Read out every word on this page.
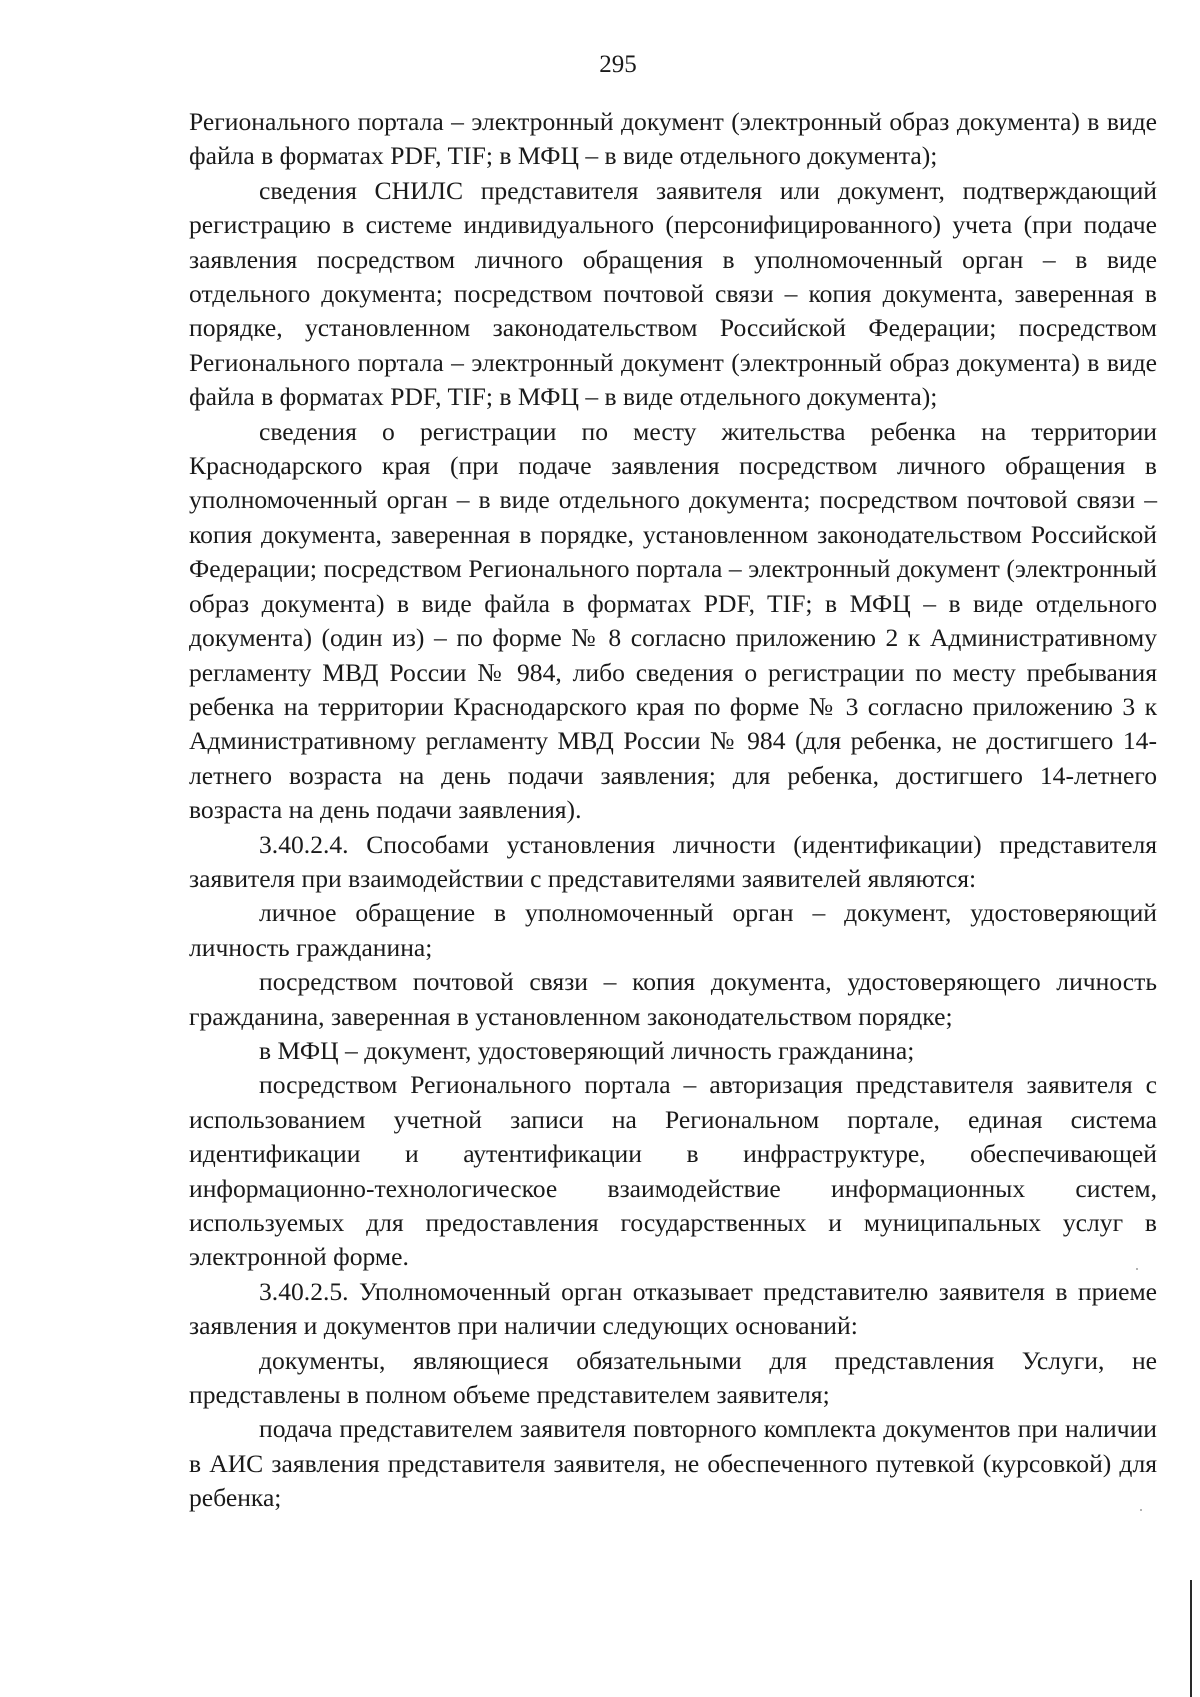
295

Регионального портала – электронный документ (электронный образ документа) в виде файла в форматах PDF, TIF; в МФЦ – в виде отдельного документа);

сведения СНИЛС представителя заявителя или документ, подтверждающий регистрацию в системе индивидуального (персонифицированного) учета (при подаче заявления посредством личного обращения в уполномоченный орган – в виде отдельного документа; посредством почтовой связи – копия документа, заверенная в порядке, установленном законодательством Российской Федерации; посредством Регионального портала – электронный документ (электронный образ документа) в виде файла в форматах PDF, TIF; в МФЦ – в виде отдельного документа);

сведения о регистрации по месту жительства ребенка на территории Краснодарского края (при подаче заявления посредством личного обращения в уполномоченный орган – в виде отдельного документа; посредством почтовой связи – копия документа, заверенная в порядке, установленном законодательством Российской Федерации; посредством Регионального портала – электронный документ (электронный образ документа) в виде файла в форматах PDF, TIF; в МФЦ – в виде отдельного документа) (один из) – по форме № 8 согласно приложению 2 к Административному регламенту МВД России № 984, либо сведения о регистрации по месту пребывания ребенка на территории Краснодарского края по форме № 3 согласно приложению 3 к Административному регламенту МВД России № 984 (для ребенка, не достигшего 14-летнего возраста на день подачи заявления; для ребенка, достигшего 14-летнего возраста на день подачи заявления).

3.40.2.4. Способами установления личности (идентификации) представителя заявителя при взаимодействии с представителями заявителей являются:

личное обращение в уполномоченный орган – документ, удостоверяющий личность гражданина;

посредством почтовой связи – копия документа, удостоверяющего личность гражданина, заверенная в установленном законодательством порядке;

в МФЦ – документ, удостоверяющий личность гражданина;

посредством Регионального портала – авторизация представителя заявителя с использованием учетной записи на Региональном портале, единая система идентификации и аутентификации в инфраструктуре, обеспечивающей информационно-технологическое взаимодействие информационных систем, используемых для предоставления государственных и муниципальных услуг в электронной форме.

3.40.2.5. Уполномоченный орган отказывает представителю заявителя в приеме заявления и документов при наличии следующих оснований:

документы, являющиеся обязательными для представления Услуги, не представлены в полном объеме представителем заявителя;

подача представителем заявителя повторного комплекта документов при наличии в АИС заявления представителя заявителя, не обеспеченного путевкой (курсовкой) для ребенка;
